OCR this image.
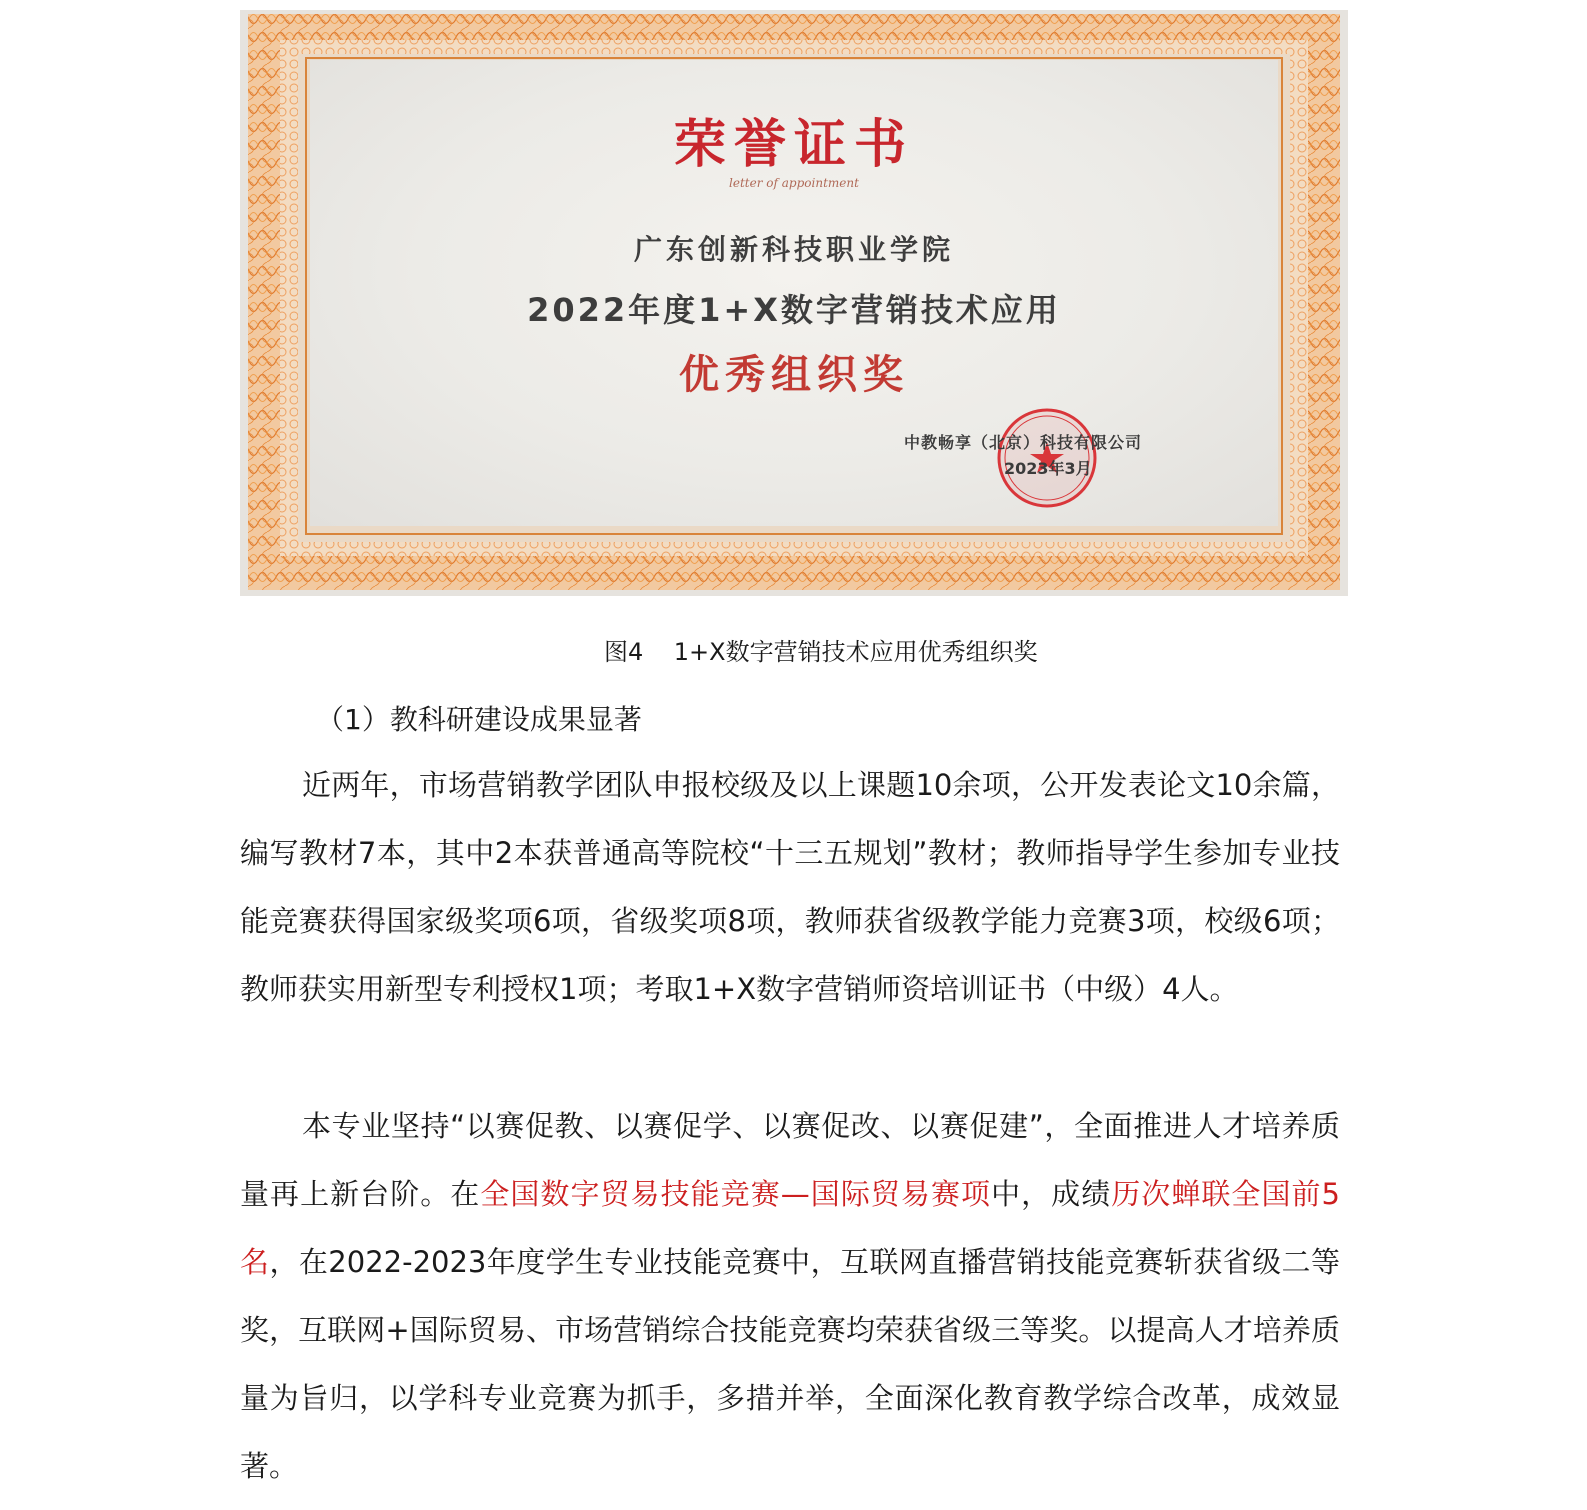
荣誉证书
letter of appointment
广东创新科技职业学院
2022年度1+X数字营销技术应用
优秀组织奖
中教畅享（北京）科技有限公司
2023年3月
图4    1+X数字营销技术应用优秀组织奖
（1）教科研建设成果显著

近两年，市场营销教学团队申报校级及以上课题10余项，公开发表论文10余篇，编写教材7本，其中2本获普通高等院校“十三五规划”教材；教师指导学生参加专业技能竞赛获得国家级奖项6项，省级奖项8项，教师获省级教学能力竞赛3项，校级6项；教师获实用新型专利授权1项；考取1+X数字营销师资培训证书（中级）4人。

本专业坚持“以赛促教、以赛促学、以赛促改、以赛促建”，全面推进人才培养质量再上新台阶。在全国数字贸易技能竞赛—国际贸易赛项中，成绩历次蝉联全国前5名，在2022-2023年度学生专业技能竞赛中，互联网直播营销技能竞赛斩获省级二等奖，互联网+国际贸易、市场营销综合技能竞赛均荣获省级三等奖。以提高人才培养质量为旨归，以学科专业竞赛为抓手，多措并举，全面深化教育教学综合改革，成效显著。
